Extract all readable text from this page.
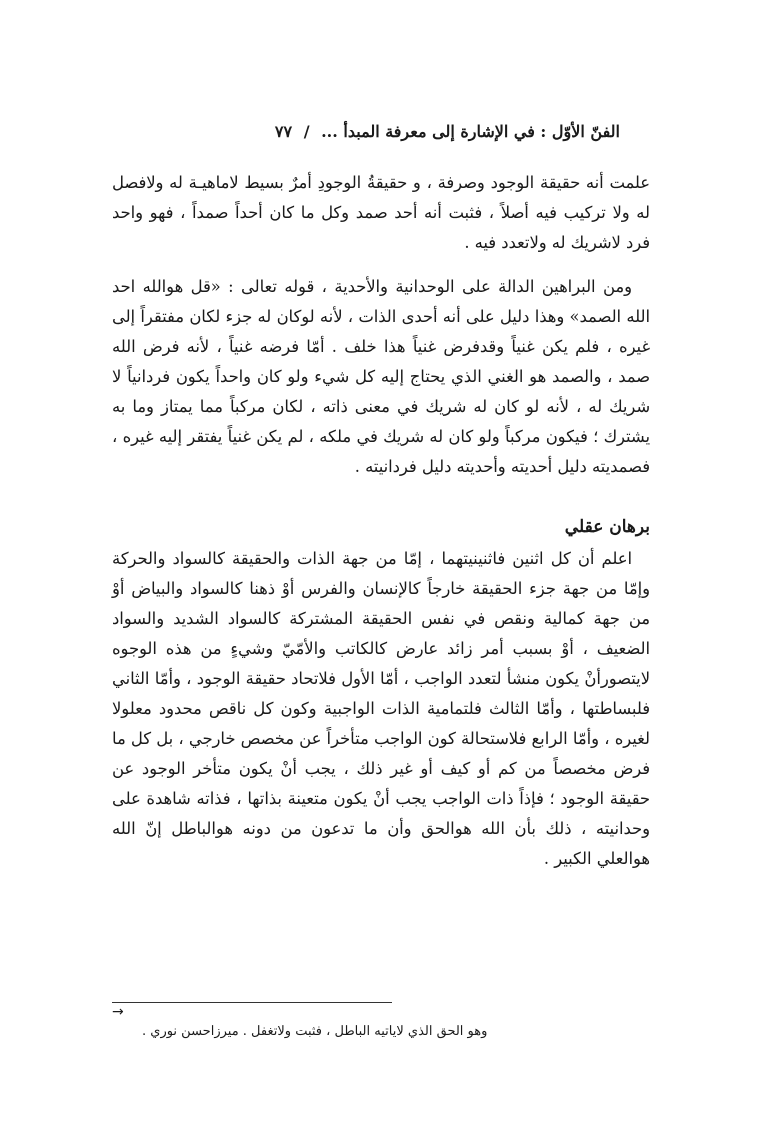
الفنّ الأوّل : في الإشارة إلى معرفة المبدأ ... / ٧٧

علمت أنه حقيقة الوجود وصرفة ، و حقيقةُ الوجودِ أمرٌ بسيط لاماهيـة له ولافصل له ولا تركيب فيه أصلاً ، فثبت أنه أحد صمد وكل ما كان أحداً صمداً ، فهو واحد فرد لاشريك له ولاتعدد فيه .

ومن البراهين الدالة على الوحدانية والأحدية ، قوله تعالى : «قل هوالله احد الله الصمد» وهذا دليل على أنه أحدى الذات ، لأنه لوكان له جزء لكان مفتقراً إلى غيره ، فلم يكن غنياً وقدفرض غنياً هذا خلف . أمّا فرضه غنياً ، لأنه فرض الله صمد ، والصمد هو الغني الذي يحتاج إليه كل شيء ولو كان واحداً يكون فردانياً لا شريك له ، لأنه لو كان له شريك في معنى ذاته ، لكان مركباً مما يمتاز وما به يشترك ؛ فيكون مركباً ولو كان له شريك في ملكه ، لم يكن غنياً يفتقر إليه غيره ، فصمديته دليل أحديته وأحديته دليل فردانيته .

برهان عقلي

اعلم أن كل اثنين فاثنينيتهما ، إمّا من جهة الذات والحقيقة كالسواد والحركة وإمّا من جهة جزء الحقيقة خارجاً كالإنسان والفرس أوْ ذهنا كالسواد والبياض أوْ من جهة كمالية ونقص في نفس الحقيقة المشتركة كالسواد الشديد والسواد الضعيف ، أوْ بسبب أمر زائد عارض كالكاتب والأمّيّ وشيءٍ من هذه الوجوه لايتصورأنْ يكون منشأ لتعدد الواجب ، أمّا الأول فلاتحاد حقيقة الوجود ، وأمّا الثاني فلبساطتها ، وأمّا الثالث فلتمامية الذات الواجبية وكون كل ناقص محدود معلولا لغيره ، وأمّا الرابع فلاستحالة كون الواجب متأخراً عن مخصص خارجي ، بل كل ما فرض مخصصاً من كم أو كيف أو غير ذلك ، يجب أنْ يكون متأخر الوجود عن حقيقة الوجود ؛ فإذاً ذات الواجب يجب أنْ يكون متعينة بذاتها ، فذاته شاهدة على وحدانيته ، ذلك بأن الله هوالحق وأن ما تدعون من دونه هوالباطل إنّ الله هوالعلي الكبير .

→
وهو الحق الذي لاياتيه الباطل ، فثبت ولاتغفل . ميرزاحسن نوري .
